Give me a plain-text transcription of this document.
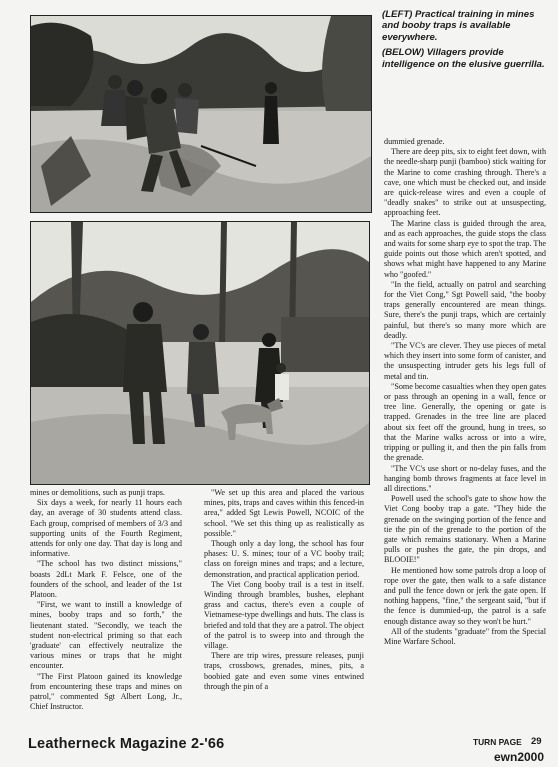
(LEFT) Practical training in mines and booby traps is available everywhere.

(BELOW) Villagers provide intelligence on the elusive guerrilla.

mines or demolitions, such as punji traps.

Six days a week, for nearly 11 hours each day, an average of 30 students attend class. Each group, comprised of members of 3/3 and supporting units of the Fourth Regiment, attends for only one day. That day is long and informative.

"The school has two distinct missions," boasts 2dLt Mark F. Felsce, one of the founders of the school, and leader of the 1st Platoon.

"First, we want to instill a knowledge of mines, booby traps and so forth," the lieutenant stated. "Secondly, we teach the student non-electrical priming so that each 'graduate' can effectively neutralize the various mines or traps that he might encounter.

"The First Platoon gained its knowledge from encountering these traps and mines on patrol," commented Sgt Albert Long, Jr., Chief Instructor.

"We set up this area and placed the various mines, pits, traps and caves within this fenced-in area," added Sgt Lewis Powell, NCOIC of the school. "We set this thing up as realistically as possible."

Though only a day long, the school has four phases: U. S. mines; tour of a VC booby trail; class on foreign mines and traps; and a lecture, demonstration, and practical application period.

The Viet Cong booby trail is a test in itself. Winding through brambles, bushes, elephant grass and cactus, there's even a couple of Vietnamese-type dwellings and huts. The class is briefed and told that they are a patrol. The object of the patrol is to sweep into and through the village.

There are trip wires, pressure releases, punji traps, crossbows, grenades, mines, pits, a boobied gate and even some vines entwined through the pin of a

dummied grenade.

There are deep pits, six to eight feet down, with the needle-sharp punji (bamboo) stick waiting for the Marine to come crashing through. There's a cave, one which must be checked out, and inside are quick-release wires and even a couple of "deadly snakes" to strike out at unsuspecting, approaching feet.

The Marine class is guided through the area, and as each approaches, the guide stops the class and waits for some sharp eye to spot the trap. The guide points out those which aren't spotted, and shows what might have happened to any Marine who "goofed."

"In the field, actually on patrol and searching for the Viet Cong," Sgt Powell said, "the booby traps generally encountered are mean things. Sure, there's the punji traps, which are certainly painful, but there's so many more which are deadly.

"The VC's are clever. They use pieces of metal which they insert into some form of canister, and the unsuspecting intruder gets his legs full of metal and tin.

"Some become casualties when they open gates or pass through an opening in a wall, fence or tree line. Generally, the opening or gate is trapped. Grenades in the tree line are placed about six feet off the ground, hung in trees, so that the Marine walks across or into a wire, tripping or pulling it, and then the pin falls from the grenade.

"The VC's use short or no-delay fuses, and the hanging bomb throws fragments at face level in all directions."

Powell used the school's gate to show how the Viet Cong booby trap a gate. "They hide the grenade on the swinging portion of the fence and tie the pin of the grenade to the portion of the gate which remains stationary. When a Marine pulls or pushes the gate, the pin drops, and BLOOIE!"

He mentioned how some patrols drop a loop of rope over the gate, then walk to a safe distance and pull the fence down or jerk the gate open. If nothing happens, "fine," the sergeant said, "but if the fence is dummied-up, the patrol is a safe enough distance away so they won't be hurt."

All of the students "graduate" from the Special Mine Warfare School.

Leatherneck Magazine 2-'66	TURN PAGE 29
ewn2000
